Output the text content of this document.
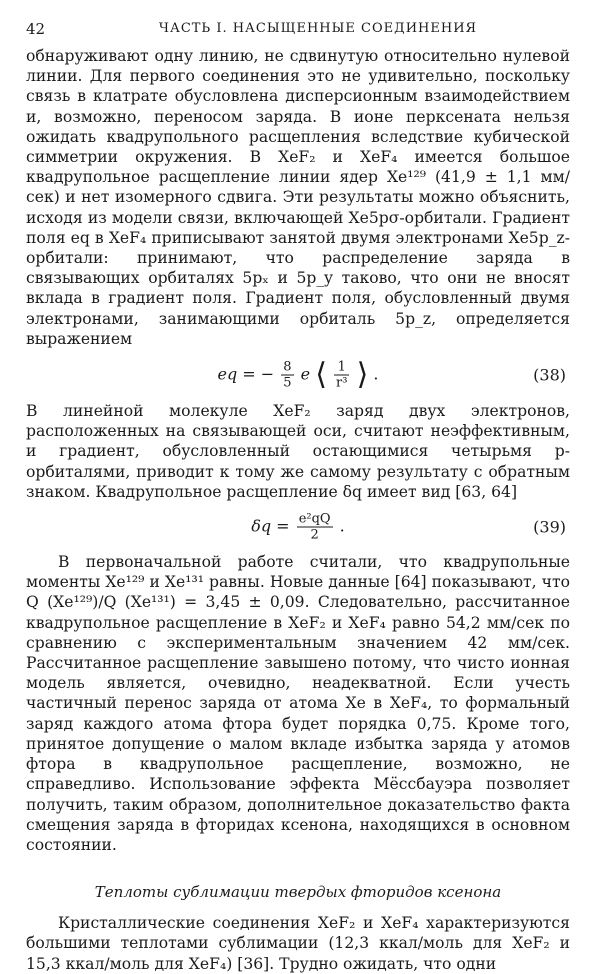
42	ЧАСТЬ I. НАСЫЩЕННЫЕ СОЕДИНЕНИЯ

обнаруживают одну линию, не сдвинутую относительно нулевой линии. Для первого соединения это не удивительно, поскольку связь в клатрате обусловлена дисперсионным взаимодействием и, возможно, переносом заряда. В ионе перксената нельзя ожидать квадрупольного расщепления вследствие кубической симметрии окружения. В XeF₂ и XeF₄ имеется большое квадрупольное расщепление линии ядер Xe¹²⁹ (41,9 ± 1,1 мм/сек) и нет изомерного сдвига. Эти результаты можно объяснить, исходя из модели связи, включающей Xe5pσ-орбитали. Градиент поля eq в XeF₄ приписывают занятой двумя электронами Xe5p_z-орбитали: принимают, что распределение заряда в связывающих орбиталях 5pₓ и 5p_y таково, что они не вносят вклада в градиент поля. Градиент поля, обусловленный двумя электронами, занимающими орбиталь 5p_z, определяется выражением

eq = − $\frac{8}{5}$ e ⟨ $\frac{1}{\text{r³}}$ ⟩ .	(38)

В линейной молекуле XeF₂ заряд двух электронов, расположенных на связывающей оси, считают неэффективным, и градиент, обусловленный остающимися четырьмя p-орбиталями, приводит к тому же самому результату с обратным знаком. Квадрупольное расщепление δq имеет вид [63, 64]

$\delta q = \frac{\text{e²qQ}}{2}$ .	(39)

В первоначальной работе считали, что квадрупольные моменты Xe¹²⁹ и Xe¹³¹ равны. Новые данные [64] показывают, что Q (Xe¹²⁹)/Q (Xe¹³¹) = 3,45 ± 0,09. Следовательно, рассчитанное квадрупольное расщепление в XeF₂ и XeF₄ равно 54,2 мм/сек по сравнению с экспериментальным значением 42 мм/сек. Рассчитанное расщепление завышено потому, что чисто ионная модель является, очевидно, неадекватной. Если учесть частичный перенос заряда от атома Xe в XeF₄, то формальный заряд каждого атома фтора будет порядка 0,75. Кроме того, принятое допущение о малом вкладе избытка заряда у атомов фтора в квадрупольное расщепление, возможно, не справедливо. Использование эффекта Мёссбауэра позволяет получить, таким образом, дополнительное доказательство факта смещения заряда в фторидах ксенона, находящихся в основном состоянии.

Теплоты сублимации твердых фторидов ксенона

Кристаллические соединения XeF₂ и XeF₄ характеризуются большими теплотами сублимации (12,3 ккал/моль для XeF₂ и 15,3 ккал/моль для XeF₄) [36]. Трудно ожидать, что одни
